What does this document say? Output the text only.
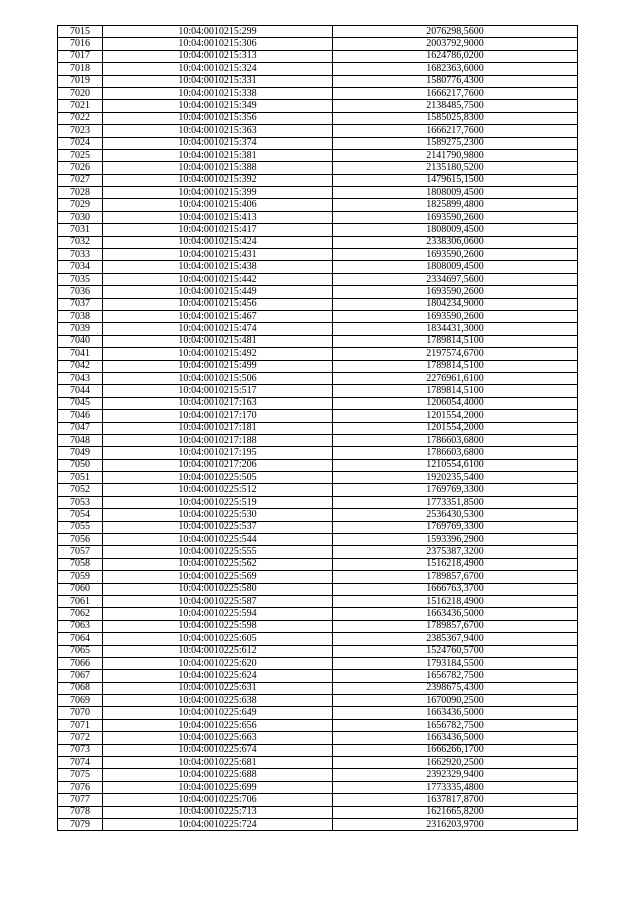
7015	10:04:0010215:299	2076298,5600
7016	10:04:0010215:306	2003792,9000
7017	10:04:0010215:313	1624786,0200
7018	10:04:0010215:324	1682363,6000
7019	10:04:0010215:331	1580776,4300
7020	10:04:0010215:338	1666217,7600
7021	10:04:0010215:349	2138485,7500
7022	10:04:0010215:356	1585025,8300
7023	10:04:0010215:363	1666217,7600
7024	10:04:0010215:374	1589275,2300
7025	10:04:0010215:381	2141790,9800
7026	10:04:0010215:388	2135180,5200
7027	10:04:0010215:392	1479615,1500
7028	10:04:0010215:399	1808009,4500
7029	10:04:0010215:406	1825899,4800
7030	10:04:0010215:413	1693590,2600
7031	10:04:0010215:417	1808009,4500
7032	10:04:0010215:424	2338306,0600
7033	10:04:0010215:431	1693590,2600
7034	10:04:0010215:438	1808009,4500
7035	10:04:0010215:442	2334697,5600
7036	10:04:0010215:449	1693590,2600
7037	10:04:0010215:456	1804234,9000
7038	10:04:0010215:467	1693590,2600
7039	10:04:0010215:474	1834431,3000
7040	10:04:0010215:481	1789814,5100
7041	10:04:0010215:492	2197574,6700
7042	10:04:0010215:499	1789814,5100
7043	10:04:0010215:506	2276961,6100
7044	10:04:0010215:517	1789814,5100
7045	10:04:0010217:163	1206054,4000
7046	10:04:0010217:170	1201554,2000
7047	10:04:0010217:181	1201554,2000
7048	10:04:0010217:188	1786603,6800
7049	10:04:0010217:195	1786603,6800
7050	10:04:0010217:206	1210554,6100
7051	10:04:0010225:505	1920235,5400
7052	10:04:0010225:512	1769769,3300
7053	10:04:0010225:519	1773351,8500
7054	10:04:0010225:530	2536430,5300
7055	10:04:0010225:537	1769769,3300
7056	10:04:0010225:544	1593396,2900
7057	10:04:0010225:555	2375387,3200
7058	10:04:0010225:562	1516218,4900
7059	10:04:0010225:569	1789857,6700
7060	10:04:0010225:580	1666763,3700
7061	10:04:0010225:587	1516218,4900
7062	10:04:0010225:594	1663436,5000
7063	10:04:0010225:598	1789857,6700
7064	10:04:0010225:605	2385367,9400
7065	10:04:0010225:612	1524760,5700
7066	10:04:0010225:620	1793184,5500
7067	10:04:0010225:624	1656782,7500
7068	10:04:0010225:631	2398675,4300
7069	10:04:0010225:638	1670090,2500
7070	10:04:0010225:649	1663436,5000
7071	10:04:0010225:656	1656782,7500
7072	10:04:0010225:663	1663436,5000
7073	10:04:0010225:674	1666266,1700
7074	10:04:0010225:681	1662920,2500
7075	10:04:0010225:688	2392329,9400
7076	10:04:0010225:699	1773335,4800
7077	10:04:0010225:706	1637817,8700
7078	10:04:0010225:713	1621665,8200
7079	10:04:0010225:724	2316203,9700
